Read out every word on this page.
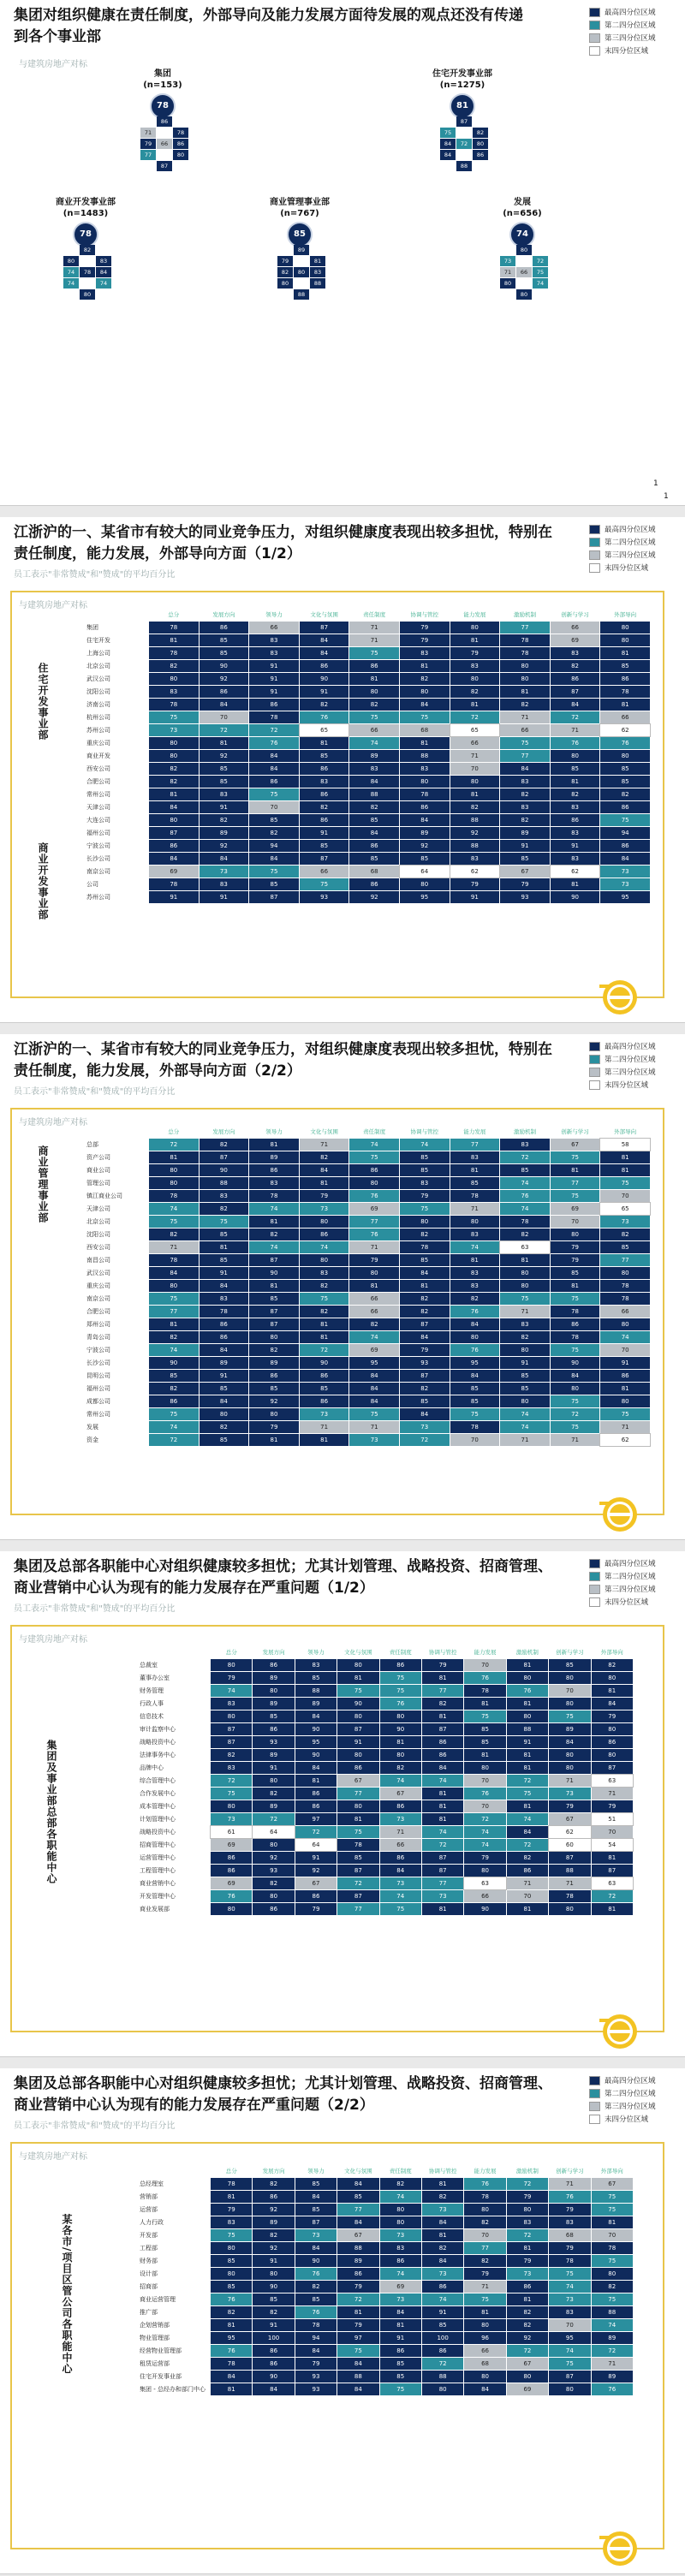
集团对组织健康在责任制度，外部导向及能力发展方面待发展的观点还没有传递到各个事业部
最高四分位区域
第二四分位区域
第三四分位区域
末四分位区域
与建筑房地产对标
1
1
集团
(n=153)
78
86
71	78
79	66	86
77	80
87
住宅开发事业部
(n=1275)
81
87
75	82
84	72	80
84	86
88
商业开发事业部
(n=1483)
78
82
80	83
74	78	84
74	74
80
商业管理事业部
(n=767)
85
89
79	81
82	80	83
80	88
88
发展
(n=656)
74
80
73	72
71	66	75
80	74
80
江浙沪的一、某省市有较大的同业竞争压力，对组织健康度表现出较多担忧，特别在责任制度，能力发展，外部导向方面（1/2）
员工表示"非常赞成"和"赞成"的平均百分比
最高四分位区域
第二四分位区域
第三四分位区域
末四分位区域
与建筑房地产对标
住宅开发事业部
商业开发事业部
	总分	发展方向	领导力	文化与氛围	责任制度	协调与管控	能力发展	激励机制	创新与学习	外部导向
集团	78	86	66	87	71	79	80	77	66	80
住宅开发	81	85	83	84	71	79	81	78	69	80
上海公司	78	85	83	84	75	83	79	78	83	81
北京公司	82	90	91	86	86	81	83	80	82	85
武汉公司	80	92	91	90	81	82	80	80	86	86
沈阳公司	83	86	91	91	80	80	82	81	87	78
济南公司	78	84	86	82	82	84	81	82	84	81
杭州公司	75	70	78	76	75	75	72	71	72	66
苏州公司	73	72	72	65	66	68	65	66	71	62
重庆公司	80	81	76	81	74	81	66	75	76	76
商业开发	80	92	84	85	89	88	71	77	80	80
西安公司	82	85	84	86	83	83	70	84	85	85
合肥公司	82	85	86	83	84	80	80	83	81	85
常州公司	81	83	75	86	88	78	81	82	82	82
天津公司	84	91	70	82	82	86	82	83	83	86
大连公司	80	82	85	86	85	84	88	82	86	75
福州公司	87	89	82	91	84	89	92	89	83	94
宁波公司	86	92	94	85	86	92	88	91	91	86
长沙公司	84	84	84	87	85	85	83	85	83	84
南京公司	69	73	75	66	68	64	62	67	62	73
公司	78	83	85	75	86	80	79	79	81	73
苏州公司	91	91	87	93	92	95	91	93	90	95
江浙沪的一、某省市有较大的同业竞争压力，对组织健康度表现出较多担忧，特别在责任制度，能力发展，外部导向方面（2/2）
员工表示"非常赞成"和"赞成"的平均百分比
最高四分位区域
第二四分位区域
第三四分位区域
末四分位区域
与建筑房地产对标
商业管理事业部
	总分	发展方向	领导力	文化与氛围	责任制度	协调与管控	能力发展	激励机制	创新与学习	外部导向
总部	72	82	81	71	74	74	77	83	67	58
资产公司	81	87	89	82	75	85	83	72	75	81
商业公司	80	90	86	84	86	85	81	85	81	81
管理公司	80	88	83	81	80	83	85	74	77	75
镇江商业公司	78	83	78	79	76	79	78	76	75	70
天津公司	74	82	74	73	69	75	71	74	69	65
北京公司	75	75	81	80	77	80	80	78	70	73
沈阳公司	82	85	82	86	76	82	83	82	80	82
西安公司	71	81	74	74	71	78	74	63	79	85
南昌公司	78	85	87	80	79	85	81	81	79	77
武汉公司	84	91	90	83	80	84	83	80	85	80
重庆公司	80	84	81	82	81	81	83	80	81	78
南京公司	75	83	85	75	66	82	82	75	75	78
合肥公司	77	78	87	82	66	82	76	71	78	66
郑州公司	81	86	87	81	82	87	84	83	86	80
青岛公司	82	86	80	81	74	84	80	82	78	74
宁波公司	74	84	82	72	69	79	76	80	75	70
长沙公司	90	89	89	90	95	93	95	91	90	91
昆明公司	85	91	86	86	84	87	84	85	84	86
福州公司	82	85	85	85	84	82	85	85	80	81
成都公司	86	84	92	86	84	85	85	80	75	80
常州公司	75	80	80	73	75	84	75	74	72	75
发展	74	82	79	71	71	73	78	74	75	71
资金	72	85	81	81	73	72	70	71	71	62
集团及总部各职能中心对组织健康较多担忧；尤其计划管理、战略投资、招商管理、商业营销中心认为现有的能力发展存在严重问题（1/2）
员工表示"非常赞成"和"赞成"的平均百分比
最高四分位区域
第二四分位区域
第三四分位区域
末四分位区域
与建筑房地产对标
集团及事业部总部各职能中心
	总分	发展方向	领导力	文化与氛围	责任制度	协调与管控	能力发展	激励机制	创新与学习	外部导向
总裁室	80	86	83	80	86	79	70	81	85	82
董事办公室	79	89	85	81	75	81	76	80	80	80
财务管理	74	80	88	75	75	77	78	76	70	81
行政人事	83	89	89	90	76	82	81	81	80	84
信息技术	80	85	84	80	80	81	75	80	75	79
审计监察中心	87	86	90	87	90	87	85	88	89	80
战略投资中心	87	93	95	91	81	86	85	91	84	86
法律事务中心	82	89	90	80	80	86	81	81	80	80
品牌中心	83	91	84	86	82	84	80	81	80	87
综合管理中心	72	80	81	67	74	74	70	72	71	63
合作发展中心	75	82	86	77	67	81	76	75	73	71
成本管理中心	80	89	86	80	86	81	70	81	79	79
计划管理中心	73	72	97	81	73	81	72	74	67	51
战略投资中心	61	64	72	75	71	74	74	84	62	70
招商管理中心	69	80	64	78	66	72	74	72	60	54
运营管理中心	86	92	91	85	86	87	79	82	87	81
工程管理中心	86	93	92	87	84	87	80	86	88	87
商业营销中心	69	82	67	72	73	77	63	71	71	63
开发管理中心	76	80	86	87	74	73	66	70	78	72
商业发展部	80	86	79	77	75	81	90	81	80	81
集团及总部各职能中心对组织健康较多担忧；尤其计划管理、战略投资、招商管理、商业营销中心认为现有的能力发展存在严重问题（2/2）
员工表示"非常赞成"和"赞成"的平均百分比
最高四分位区域
第二四分位区域
第三四分位区域
末四分位区域
与建筑房地产对标
某各市/项目区管公司各职能中心
	总分	发展方向	领导力	文化与氛围	责任制度	协调与管控	能力发展	激励机制	创新与学习	外部导向
总经理室	78	82	85	84	82	81	76	72	71	67
营销部	81	86	84	85	74	82	78	79	76	75
运营部	79	92	85	77	80	73	80	80	79	75
人力行政	83	89	87	84	80	84	82	83	83	81
开发部	75	82	73	67	73	81	70	72	68	70
工程部	80	92	84	88	83	82	77	81	79	78
财务部	85	91	90	89	86	84	82	79	78	75
设计部	80	80	76	86	74	73	79	73	75	80
招商部	85	90	82	79	69	86	71	86	74	82
商业运营管理	76	85	85	72	73	74	75	81	73	75
推广部	82	82	76	81	84	91	81	82	83	88
企划营销部	81	91	78	79	81	85	80	82	70	74
物业管理部	95	100	94	97	91	100	96	92	95	89
经营物业管理部	76	86	84	75	86	86	66	72	74	72
租赁运营部	78	86	79	84	85	72	68	67	75	71
住宅开发事业部	84	90	93	88	85	88	80	80	87	89
集团 - 总经办和部门中心	81	84	93	84	75	80	84	69	80	76
